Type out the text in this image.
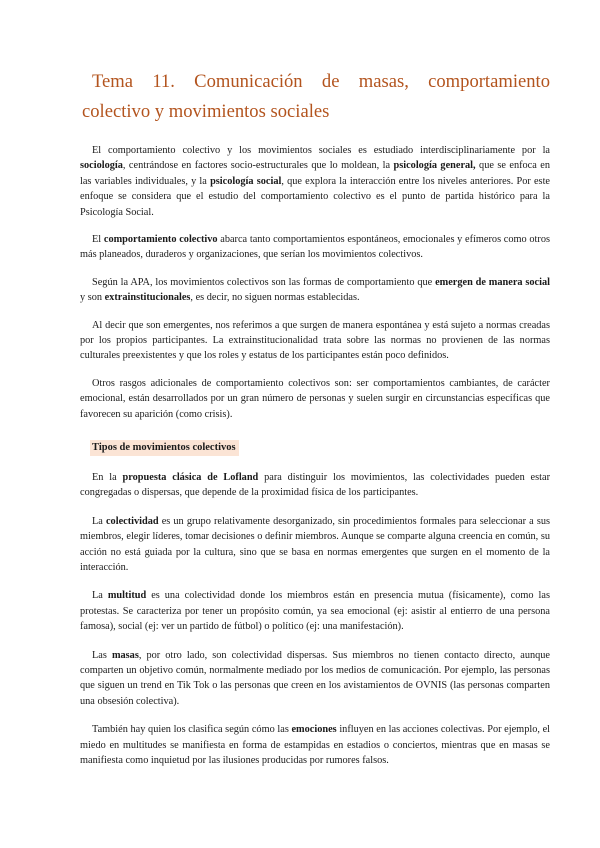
Tema 11. Comunicación de masas, comportamiento
colectivo y movimientos sociales

El comportamiento colectivo y los movimientos sociales es estudiado interdisciplinariamente por la sociología, centrándose en factores socio-estructurales que lo moldean, la psicología general, que se enfoca en las variables individuales, y la psicología social, que explora la interacción entre los niveles anteriores. Por este enfoque se considera que el estudio del comportamiento colectivo es el punto de partida histórico para la Psicología Social.

El comportamiento colectivo abarca tanto comportamientos espontáneos, emocionales y efímeros como otros más planeados, duraderos y organizaciones, que serían los movimientos colectivos.

Según la APA, los movimientos colectivos son las formas de comportamiento que emergen de manera social y son extrainstitucionales, es decir, no siguen normas establecidas.

Al decir que son emergentes, nos referimos a que surgen de manera espontánea y está sujeto a normas creadas por los propios participantes. La extrainstitucionalidad trata sobre las normas no provienen de las normas culturales preexistentes y que los roles y estatus de los participantes están poco definidos.

Otros rasgos adicionales de comportamiento colectivos son: ser comportamientos cambiantes, de carácter emocional, están desarrollados por un gran número de personas y suelen surgir en circunstancias específicas que favorecen su aparición (como crisis).

Tipos de movimientos colectivos

En la propuesta clásica de Lofland para distinguir los movimientos, las colectividades pueden estar congregadas o dispersas, que depende de la proximidad física de los participantes.

La colectividad es un grupo relativamente desorganizado, sin procedimientos formales para seleccionar a sus miembros, elegir líderes, tomar decisiones o definir miembros. Aunque se comparte alguna creencia en común, su acción no está guiada por la cultura, sino que se basa en normas emergentes que surgen en el momento de la interacción.

La multitud es una colectividad donde los miembros están en presencia mutua (físicamente), como las protestas. Se caracteriza por tener un propósito común, ya sea emocional (ej: asistir al entierro de una persona famosa), social (ej: ver un partido de fútbol) o político (ej: una manifestación).

Las masas, por otro lado, son colectividad dispersas. Sus miembros no tienen contacto directo, aunque comparten un objetivo común, normalmente mediado por los medios de comunicación. Por ejemplo, las personas que siguen un trend en Tik Tok o las personas que creen en los avistamientos de OVNIS (las personas comparten una obsesión colectiva).

También hay quien los clasifica según cómo las emociones influyen en las acciones colectivas. Por ejemplo, el miedo en multitudes se manifiesta en forma de estampidas en estadios o conciertos, mientras que en masas se manifiesta como inquietud por las ilusiones producidas por rumores falsos.
